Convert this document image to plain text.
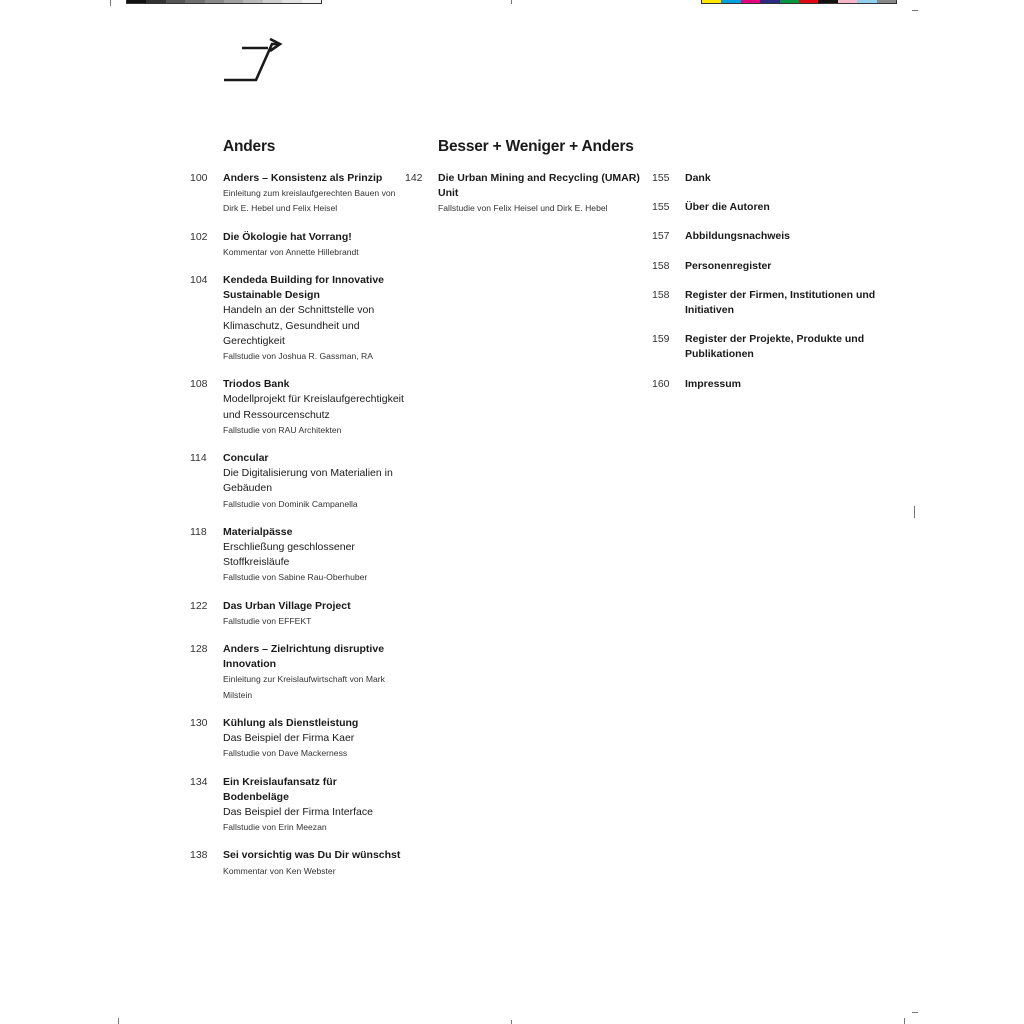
Anders
100	Anders – Konsistenz als Prinzip
Einleitung zum kreislaufgerechten Bauen von Dirk E. Hebel und Felix Heisel
102	Die Ökologie hat Vorrang!
Kommentar von Annette Hillebrandt
104	Kendeda Building for Innovative Sustainable Design
Handeln an der Schnittstelle von Klimaschutz, Gesundheit und Gerechtigkeit
Fallstudie von Joshua R. Gassman, RA
108	Triodos Bank
Modellprojekt für Kreislaufgerechtigkeit und Ressourcenschutz
Fallstudie von RAU Architekten
114	Concular
Die Digitalisierung von Materialien in Gebäuden
Fallstudie von Dominik Campanella
118	Materialpässe
Erschließung geschlossener Stoffkreisläufe
Fallstudie von Sabine Rau-Oberhuber
122	Das Urban Village Project
Fallstudie von EFFEKT
128	Anders – Zielrichtung disruptive Innovation
Einleitung zur Kreislaufwirtschaft von Mark Milstein
130	Kühlung als Dienstleistung
Das Beispiel der Firma Kaer
Fallstudie von Dave Mackerness
134	Ein Kreislaufansatz für Bodenbeläge
Das Beispiel der Firma Interface
Fallstudie von Erin Meezan
138	Sei vorsichtig was Du Dir wünschst
Kommentar von Ken Webster
Besser + Weniger + Anders
142	Die Urban Mining and Recycling (UMAR) Unit
Fallstudie von Felix Heisel und Dirk E. Hebel
155	Dank
155	Über die Autoren
157	Abbildungsnachweis
158	Personenregister
158	Register der Firmen, Institutionen und Initiativen
159	Register der Projekte, Produkte und Publikationen
160	Impressum
